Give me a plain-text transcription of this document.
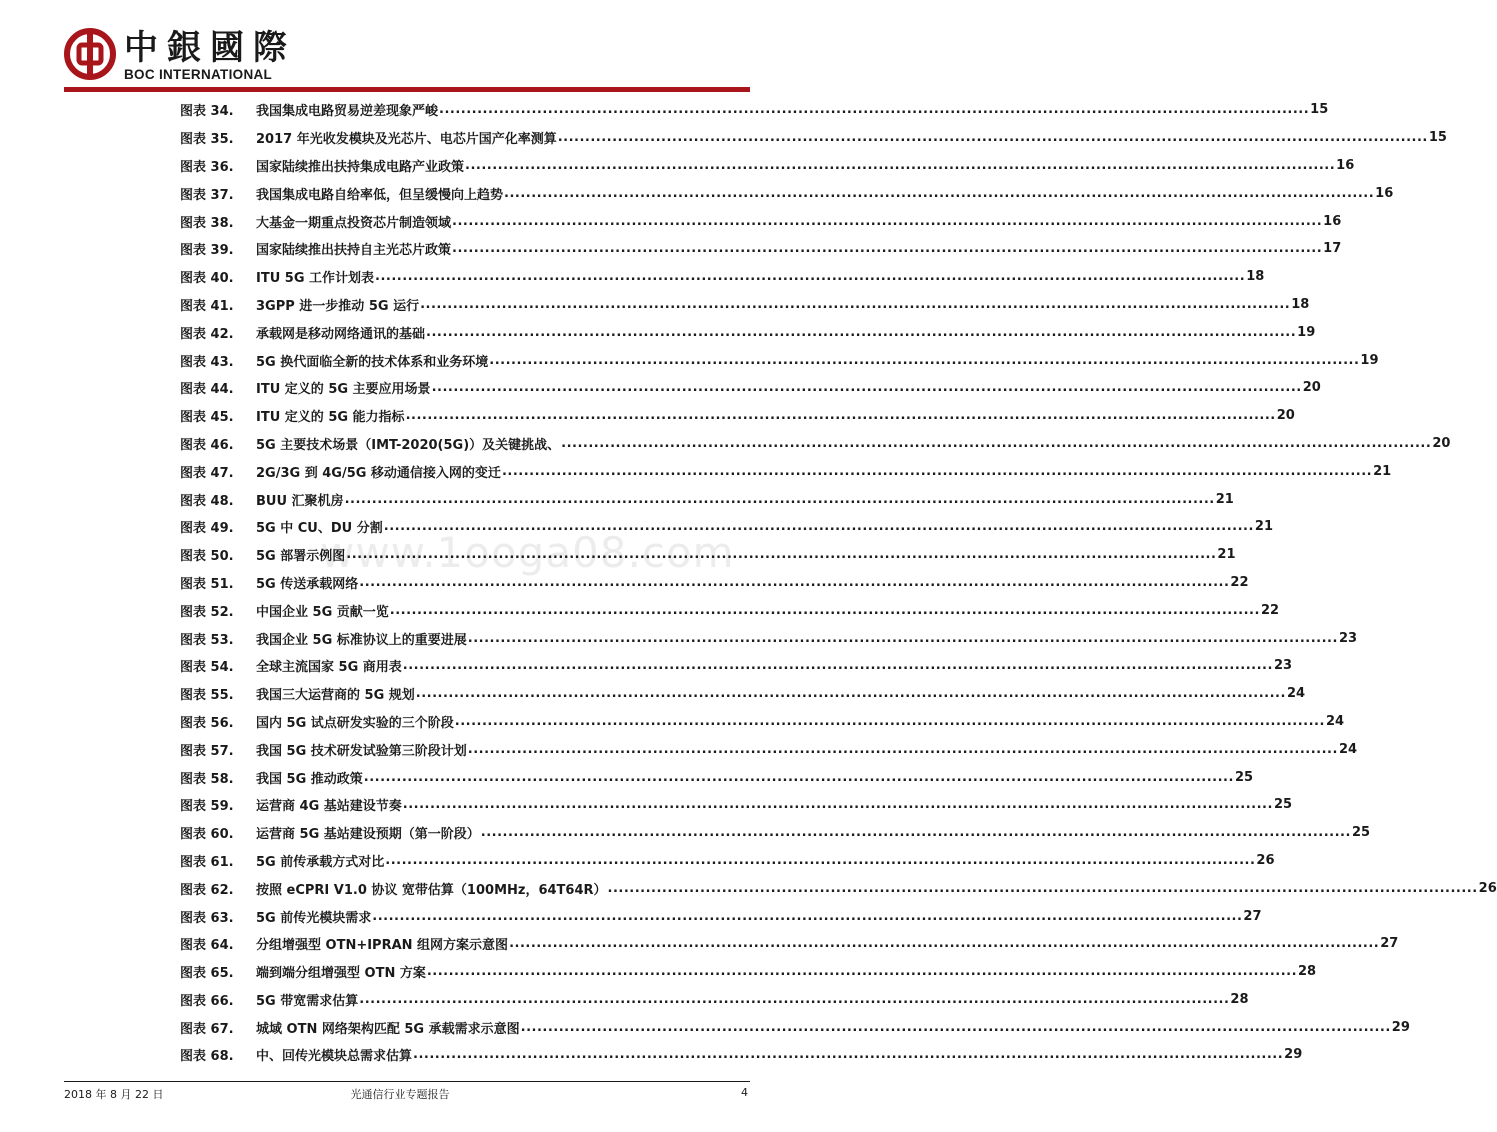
中銀國際
BOC INTERNATIONAL
www.1ooga08.com
图表 34.	我国集成电路贸易逆差现象严峻 .....	15
图表 35.	2017 年光收发模块及光芯片、电芯片国产化率测算 .....	15
图表 36.	国家陆续推出扶持集成电路产业政策 .....	16
图表 37.	我国集成电路自给率低，但呈缓慢向上趋势 .....	16
图表 38.	大基金一期重点投资芯片制造领域 .....	16
图表 39.	国家陆续推出扶持自主光芯片政策 .....	17
图表 40.	ITU 5G 工作计划表 .....	18
图表 41.	3GPP 进一步推动 5G 运行 .....	18
图表 42.	承载网是移动网络通讯的基础 .....	19
图表 43.	5G 换代面临全新的技术体系和业务环境 .....	19
图表 44.	ITU 定义的 5G 主要应用场景 .....	20
图表 45.	ITU 定义的 5G 能力指标 .....	20
图表 46.	5G 主要技术场景（IMT-2020(5G)）及关键挑战、 .....	20
图表 47.	2G/3G 到 4G/5G 移动通信接入网的变迁 .....	21
图表 48.	BUU 汇聚机房 .....	21
图表 49.	5G 中 CU、DU 分割 .....	21
图表 50.	5G 部署示例图 .....	21
图表 51.	5G 传送承载网络 .....	22
图表 52.	中国企业 5G 贡献一览 .....	22
图表 53.	我国企业 5G 标准协议上的重要进展 .....	23
图表 54.	全球主流国家 5G 商用表 .....	23
图表 55.	我国三大运营商的 5G 规划 .....	24
图表 56.	国内 5G 试点研发实验的三个阶段 .....	24
图表 57.	我国 5G 技术研发试验第三阶段计划 .....	24
图表 58.	我国 5G 推动政策 .....	25
图表 59.	运营商 4G 基站建设节奏 .....	25
图表 60.	运营商 5G 基站建设预期（第一阶段） .....	25
图表 61.	5G 前传承载方式对比 .....	26
图表 62.	按照 eCPRI V1.0 协议 宽带估算（100MHz，64T64R） .....	26
图表 63.	5G 前传光模块需求 .....	27
图表 64.	分组增强型 OTN+IPRAN 组网方案示意图 .....	27
图表 65.	端到端分组增强型 OTN 方案 .....	28
图表 66.	5G 带宽需求估算 .....	28
图表 67.	城域 OTN 网络架构匹配 5G 承载需求示意图 .....	29
图表 68.	中、回传光模块总需求估算 .....	29
2018 年 8 月 22 日	光通信行业专题报告	4
